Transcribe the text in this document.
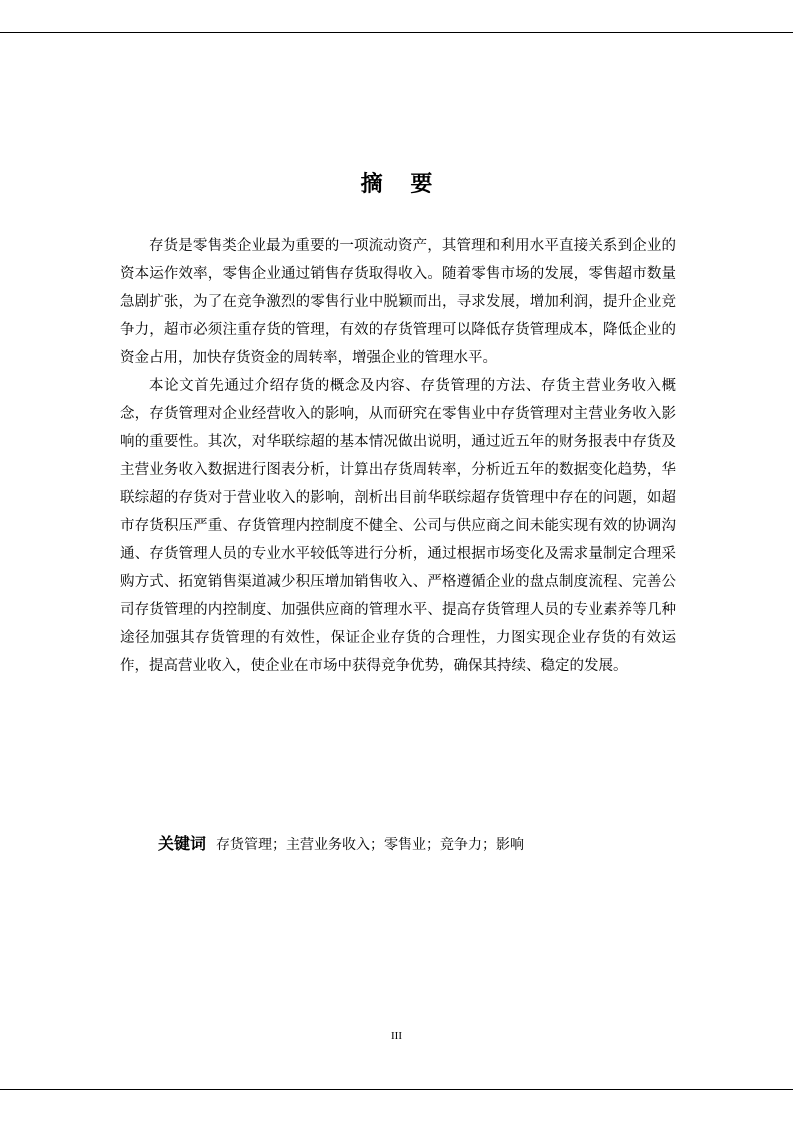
摘 要

存货是零售类企业最为重要的一项流动资产，其管理和利用水平直接关系到企业的资本运作效率，零售企业通过销售存货取得收入。随着零售市场的发展，零售超市数量急剧扩张，为了在竞争激烈的零售行业中脱颖而出，寻求发展，增加利润，提升企业竞争力，超市必须注重存货的管理，有效的存货管理可以降低存货管理成本，降低企业的资金占用，加快存货资金的周转率，增强企业的管理水平。

本论文首先通过介绍存货的概念及内容、存货管理的方法、存货主营业务收入概念，存货管理对企业经营收入的影响，从而研究在零售业中存货管理对主营业务收入影响的重要性。其次，对华联综超的基本情况做出说明，通过近五年的财务报表中存货及主营业务收入数据进行图表分析，计算出存货周转率，分析近五年的数据变化趋势，华联综超的存货对于营业收入的影响，剖析出目前华联综超存货管理中存在的问题，如超市存货积压严重、存货管理内控制度不健全、公司与供应商之间未能实现有效的协调沟通、存货管理人员的专业水平较低等进行分析，通过根据市场变化及需求量制定合理采购方式、拓宽销售渠道减少积压增加销售收入、严格遵循企业的盘点制度流程、完善公司存货管理的内控制度、加强供应商的管理水平、提高存货管理人员的专业素养等几种途径加强其存货管理的有效性，保证企业存货的合理性，力图实现企业存货的有效运作，提高营业收入，使企业在市场中获得竞争优势，确保其持续、稳定的发展。

关键词 存货管理；主营业务收入；零售业；竞争力；影响
III
